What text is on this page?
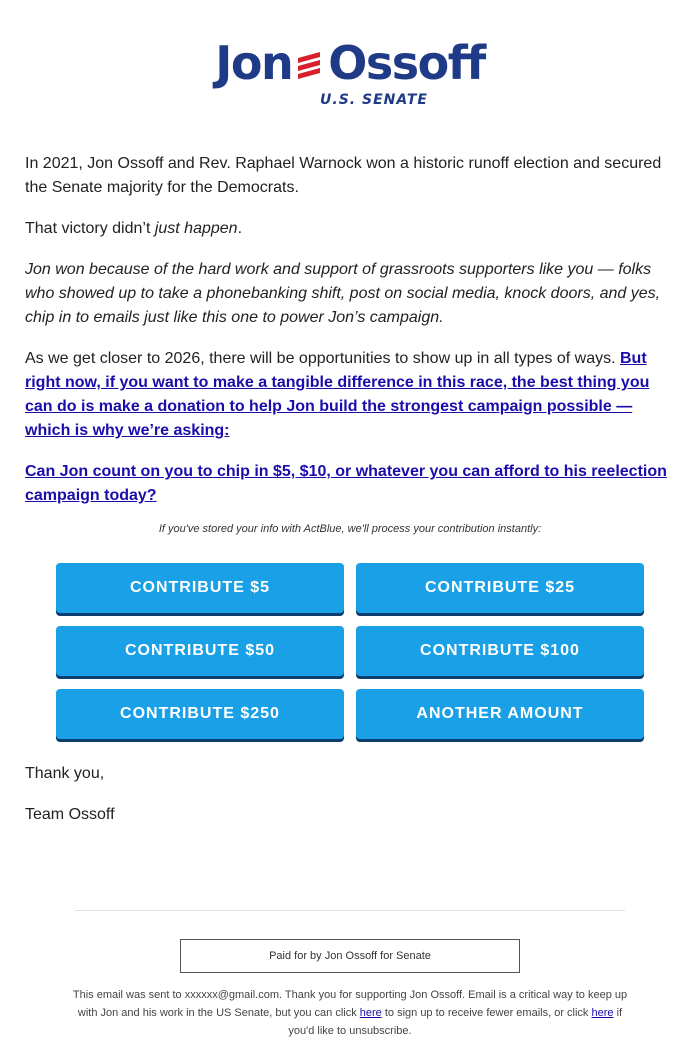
Jon Ossoff
U.S. SENATE

In 2021, Jon Ossoff and Rev. Raphael Warnock won a historic runoff election and secured the Senate majority for the Democrats.

That victory didn’t just happen.

Jon won because of the hard work and support of grassroots supporters like you — folks who showed up to take a phonebanking shift, post on social media, knock doors, and yes, chip in to emails just like this one to power Jon’s campaign.

As we get closer to 2026, there will be opportunities to show up in all types of ways. But right now, if you want to make a tangible difference in this race, the best thing you can do is make a donation to help Jon build the strongest campaign possible — which is why we’re asking:

Can Jon count on you to chip in $5, $10, or whatever you can afford to his reelection campaign today?

If you've stored your info with ActBlue, we'll process your contribution instantly:
CONTRIBUTE $5	CONTRIBUTE $25
CONTRIBUTE $50	CONTRIBUTE $100
CONTRIBUTE $250	ANOTHER AMOUNT

Thank you,

Team Ossoff

Paid for by Jon Ossoff for Senate
This email was sent to xxxxxx@gmail.com. Thank you for supporting Jon Ossoff. Email is a critical way to keep up with Jon and his work in the US Senate, but you can click here to sign up to receive fewer emails, or click here if you'd like to unsubscribe.
